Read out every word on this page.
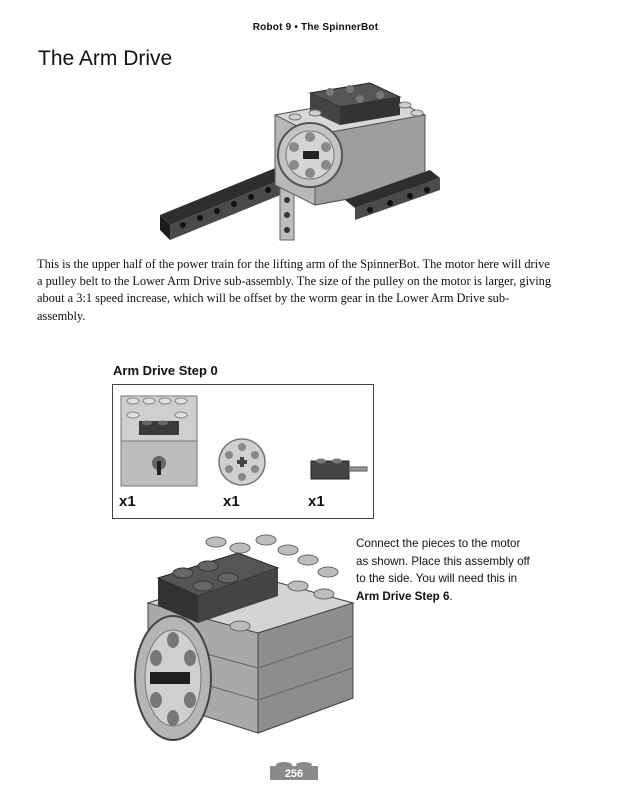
Robot 9 • The SpinnerBot
The Arm Drive

This is the upper half of the power train for the lifting arm of the SpinnerBot. The motor here will drive a pulley belt to the Lower Arm Drive sub-assembly. The size of the pulley on the motor is larger, giving about a 3:1 speed increase, which will be offset by the worm gear in the Lower Arm Drive sub-assembly.

Arm Drive Step 0
x1	x1	x1

Connect the pieces to the motor as shown. Place this assembly off to the side. You will need this in Arm Drive Step 6.

256
